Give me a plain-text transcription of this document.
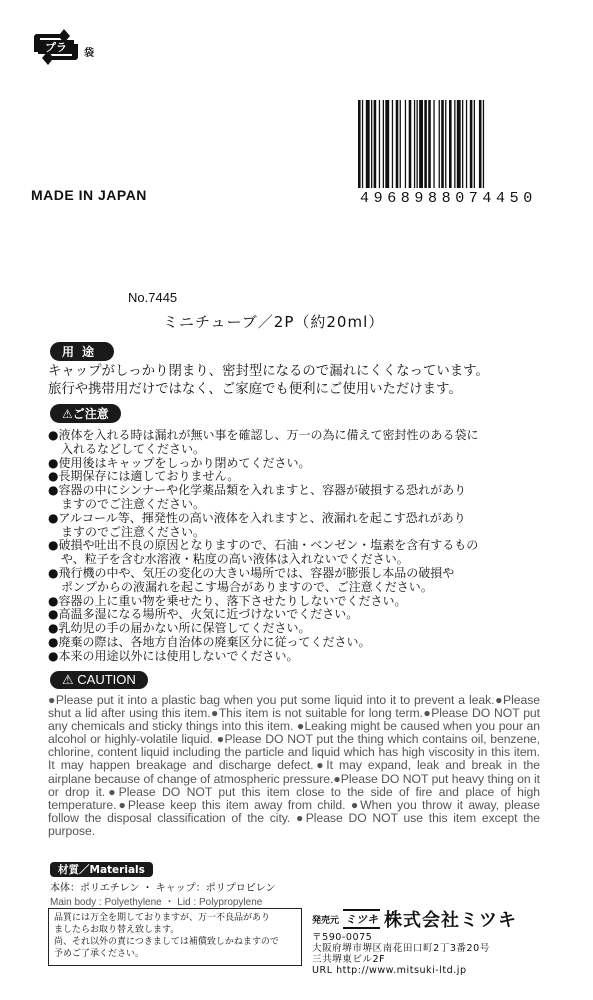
プラ 袋
MADE IN JAPAN	4968988074450
No.7445
ミニチューブ／2P（約20ml）
用途
キャップがしっかり閉まり、密封型になるので漏れにくくなっています。
旅行や携帯用だけではなく、ご家庭でも便利にご使用いただけます。
⚠ご注意
●液体を入れる時は漏れが無い事を確認し、万一の為に備えて密封性のある袋に
入れるなどしてください。
●使用後はキャップをしっかり閉めてください。
●長期保存には適しておりません。
●容器の中にシンナーや化学薬品類を入れますと、容器が破損する恐れがあり
ますのでご注意ください。
●アルコール等、揮発性の高い液体を入れますと、液漏れを起こす恐れがあり
ますのでご注意ください。
●破損や吐出不良の原因となりますので、石油・ベンゼン・塩素を含有するもの
や、粒子を含む水溶液・粘度の高い液体は入れないでください。
●飛行機の中や、気圧の変化の大きい場所では、容器が膨張し本品の破損や
ポンプからの液漏れを起こす場合がありますので、ご注意ください。
●容器の上に重い物を乗せたり、落下させたりしないでください。
●高温多湿になる場所や、火気に近づけないでください。
●乳幼児の手の届かない所に保管してください。
●廃棄の際は、各地方自治体の廃棄区分に従ってください。
●本来の用途以外には使用しないでください。
⚠ CAUTION
●Please put it into a plastic bag when you put some liquid into it to prevent a leak.●Please shut a lid after using this item.●This item is not suitable for long term.●Please DO NOT put any chemicals and sticky things into this item. ●Leaking might be caused when you pour an alcohol or highly-volatile liquid. ●Please DO NOT put the thing which contains oil, benzene, chlorine, content liquid including the particle and liquid which has high viscosity in this item. It may happen breakage and discharge defect.●It may expand, leak and break in the airplane because of change of atmospheric pressure.●Please DO NOT put heavy thing on it or drop it.●Please DO NOT put this item close to the side of fire and place of high temperature.●Please keep this item away from child. ●When you throw it away, please follow the disposal classification of the city. ●Please DO NOT use this item except the purpose.
材質／Materials
本体：ポリエチレン ・ キャップ：ポリプロピレン
Main body : Polyethylene ・ Lid : Polypropylene
品質には万全を期しておりますが、万一不良品があり
ましたらお取り替え致します。
尚、それ以外の責につきましては補償致しかねますので
予めご了承ください。
発売元 ミツキ 株式会社ミツキ
〒590-0075
大阪府堺市堺区南花田口町2丁3番20号
三共堺東ビル2F
URL http://www.mitsuki-ltd.jp
